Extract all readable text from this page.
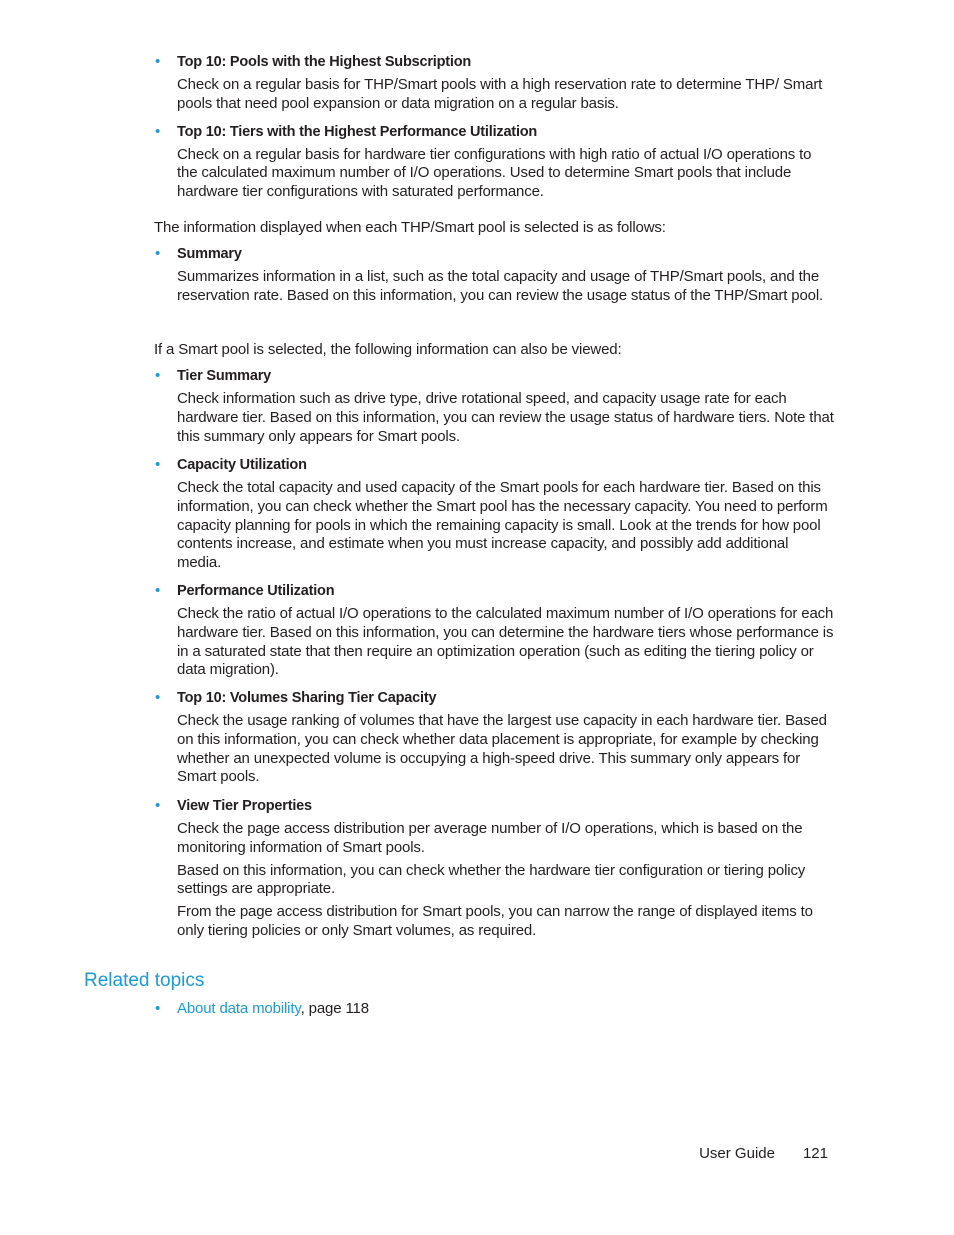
• Top 10: Pools with the Highest Subscription

Check on a regular basis for THP/Smart pools with a high reservation rate to determine THP/ Smart pools that need pool expansion or data migration on a regular basis.

• Top 10: Tiers with the Highest Performance Utilization

Check on a regular basis for hardware tier configurations with high ratio of actual I/O operations to the calculated maximum number of I/O operations. Used to determine Smart pools that include hardware tier configurations with saturated performance.

The information displayed when each THP/Smart pool is selected is as follows:

• Summary

Summarizes information in a list, such as the total capacity and usage of THP/Smart pools, and the reservation rate. Based on this information, you can review the usage status of the THP/Smart pool.

If a Smart pool is selected, the following information can also be viewed:

• Tier Summary

Check information such as drive type, drive rotational speed, and capacity usage rate for each hardware tier. Based on this information, you can review the usage status of hardware tiers. Note that this summary only appears for Smart pools.

• Capacity Utilization

Check the total capacity and used capacity of the Smart pools for each hardware tier. Based on this information, you can check whether the Smart pool has the necessary capacity. You need to perform capacity planning for pools in which the remaining capacity is small. Look at the trends for how pool contents increase, and estimate when you must increase capacity, and possibly add additional media.

• Performance Utilization

Check the ratio of actual I/O operations to the calculated maximum number of I/O operations for each hardware tier. Based on this information, you can determine the hardware tiers whose performance is in a saturated state that then require an optimization operation (such as editing the tiering policy or data migration).

• Top 10: Volumes Sharing Tier Capacity

Check the usage ranking of volumes that have the largest use capacity in each hardware tier. Based on this information, you can check whether data placement is appropriate, for example by checking whether an unexpected volume is occupying a high-speed drive. This summary only appears for Smart pools.

• View Tier Properties

Check the page access distribution per average number of I/O operations, which is based on the monitoring information of Smart pools.

Based on this information, you can check whether the hardware tier configuration or tiering policy settings are appropriate.

From the page access distribution for Smart pools, you can narrow the range of displayed items to only tiering policies or only Smart volumes, as required.

Related topics
• About data mobility, page 118

User Guide 121
